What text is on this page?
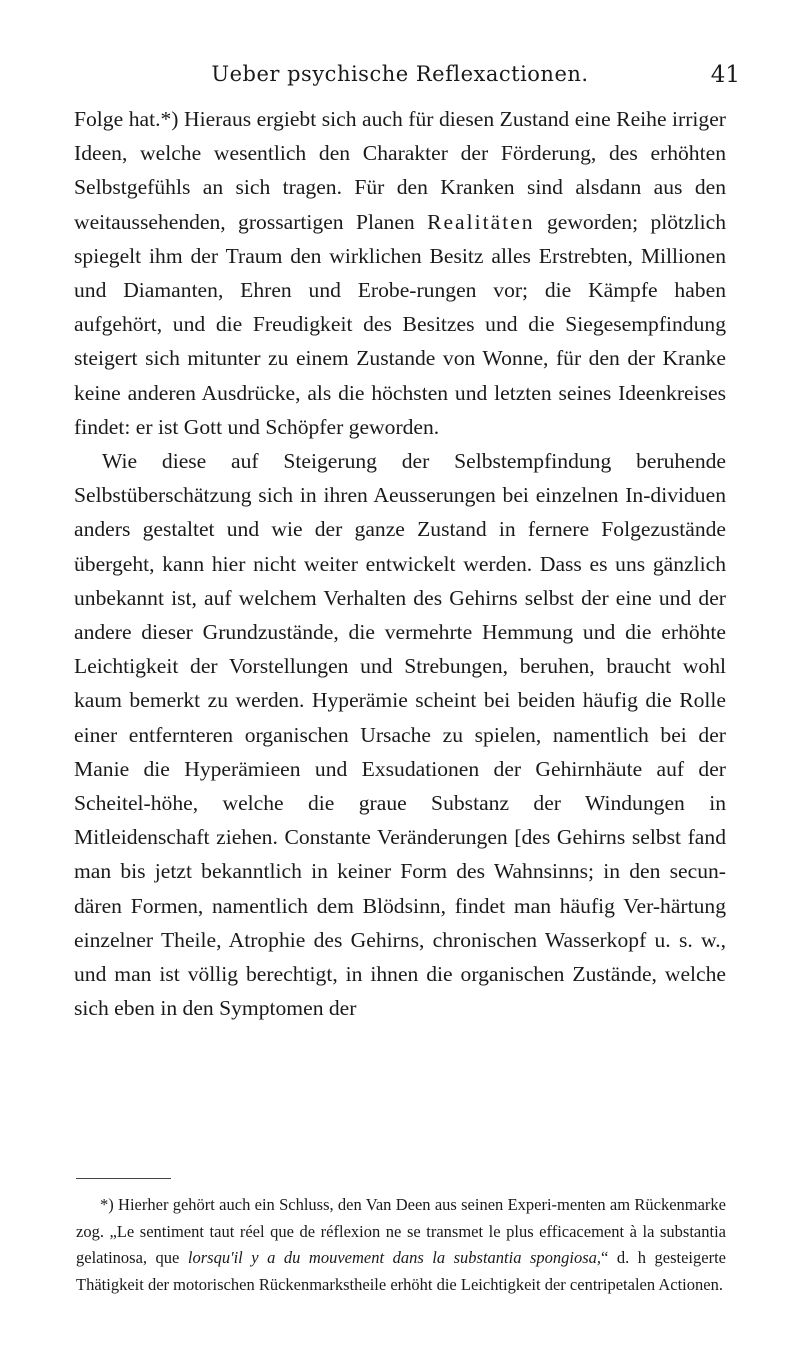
Ueber psychische Reflexactionen.	41

Folge hat.*) Hieraus ergiebt sich auch für diesen Zustand eine Reihe irriger Ideen, welche wesentlich den Charakter der Förderung, des erhöhten Selbstgefühls an sich tragen. Für den Kranken sind alsdann aus den weitaussehenden, grossartigen Planen Realitäten geworden; plötzlich spiegelt ihm der Traum den wirklichen Besitz alles Erstrebten, Millionen und Diamanten, Ehren und Erobe-rungen vor; die Kämpfe haben aufgehört, und die Freudigkeit des Besitzes und die Siegesempfindung steigert sich mitunter zu einem Zustande von Wonne, für den der Kranke keine anderen Ausdrücke, als die höchsten und letzten seines Ideenkreises findet: er ist Gott und Schöpfer geworden.

Wie diese auf Steigerung der Selbstempfindung beruhende Selbstüberschätzung sich in ihren Aeusserungen bei einzelnen In-dividuen anders gestaltet und wie der ganze Zustand in fernere Folgezustände übergeht, kann hier nicht weiter entwickelt werden. Dass es uns gänzlich unbekannt ist, auf welchem Verhalten des Gehirns selbst der eine und der andere dieser Grundzustände, die vermehrte Hemmung und die erhöhte Leichtigkeit der Vorstellungen und Strebungen, beruhen, braucht wohl kaum bemerkt zu werden. Hyperämie scheint bei beiden häufig die Rolle einer entfernteren organischen Ursache zu spielen, namentlich bei der Manie die Hyperämieen und Exsudationen der Gehirnhäute auf der Scheitel-höhe, welche die graue Substanz der Windungen in Mitleidenschaft ziehen. Constante Veränderungen [des Gehirns selbst fand man bis jetzt bekanntlich in keiner Form des Wahnsinns; in den secun-dären Formen, namentlich dem Blödsinn, findet man häufig Ver-härtung einzelner Theile, Atrophie des Gehirns, chronischen Wasserkopf u. s. w., und man ist völlig berechtigt, in ihnen die organischen Zustände, welche sich eben in den Symptomen der

*) Hierher gehört auch ein Schluss, den Van Deen aus seinen Experi-menten am Rückenmarke zog. „Le sentiment taut réel que de réflexion ne se transmet le plus efficacement à la substantia gelatinosa, que lorsqu'il y a du mouvement dans la substantia spongiosa,“ d. h gesteigerte Thätigkeit der motorischen Rückenmarkstheile erhöht die Leichtigkeit der centripetalen Actionen.
